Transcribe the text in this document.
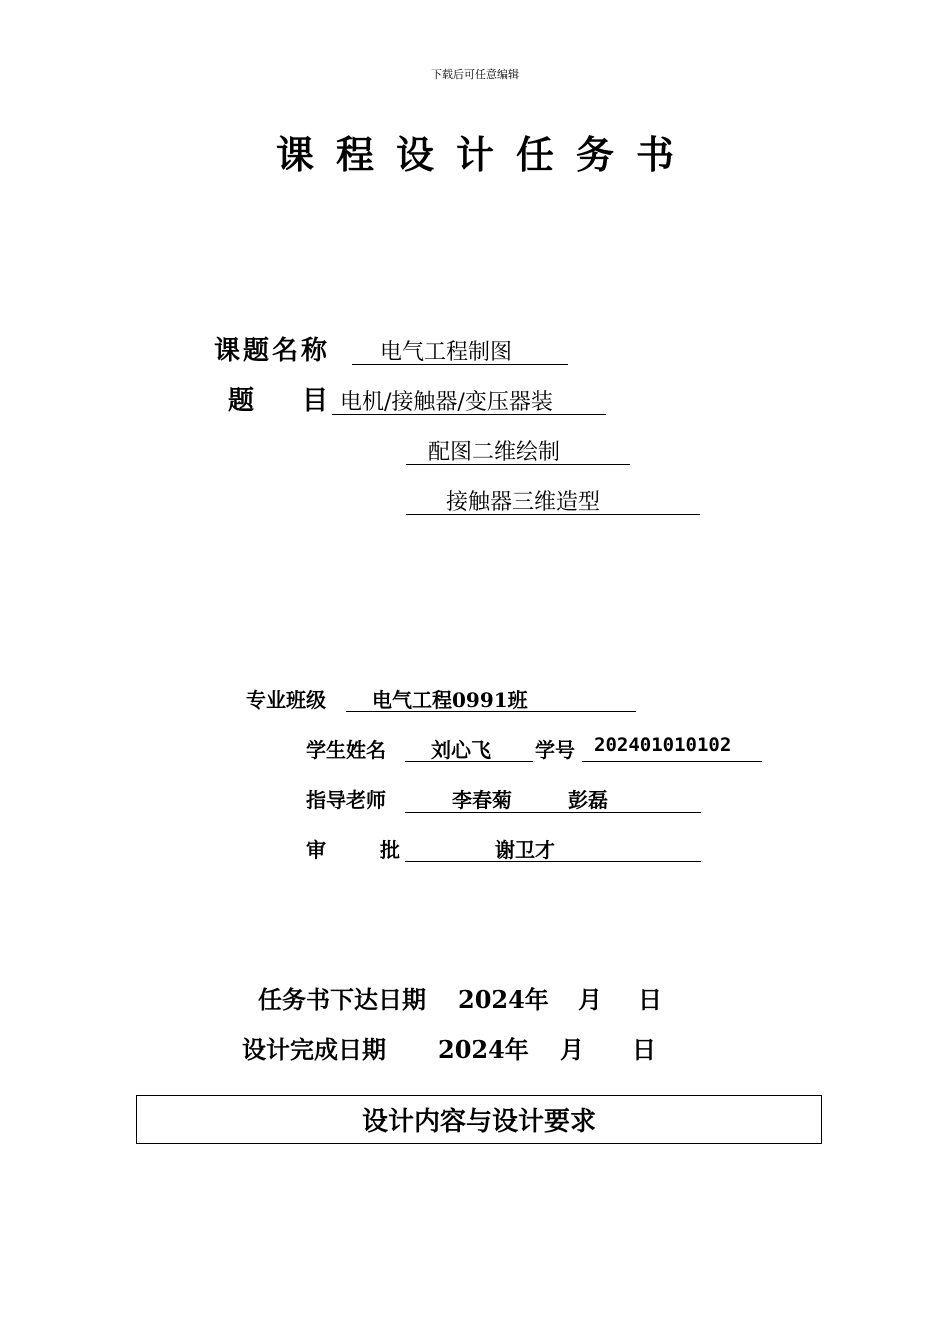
下载后可任意编辑
课程设计任务书
课题名称	电气工程制图
题 目 电机/接触器/变压器装
配图二维绘制
接触器三维造型
专业班级	电气工程0991班
学生姓名	刘心飞	学号	202401010102
指导老师	李春菊	彭磊
审	批	谢卫才
任务书下达日期 2024年 月 日
设计完成日期 2024年 月 日
设计内容与设计要求
